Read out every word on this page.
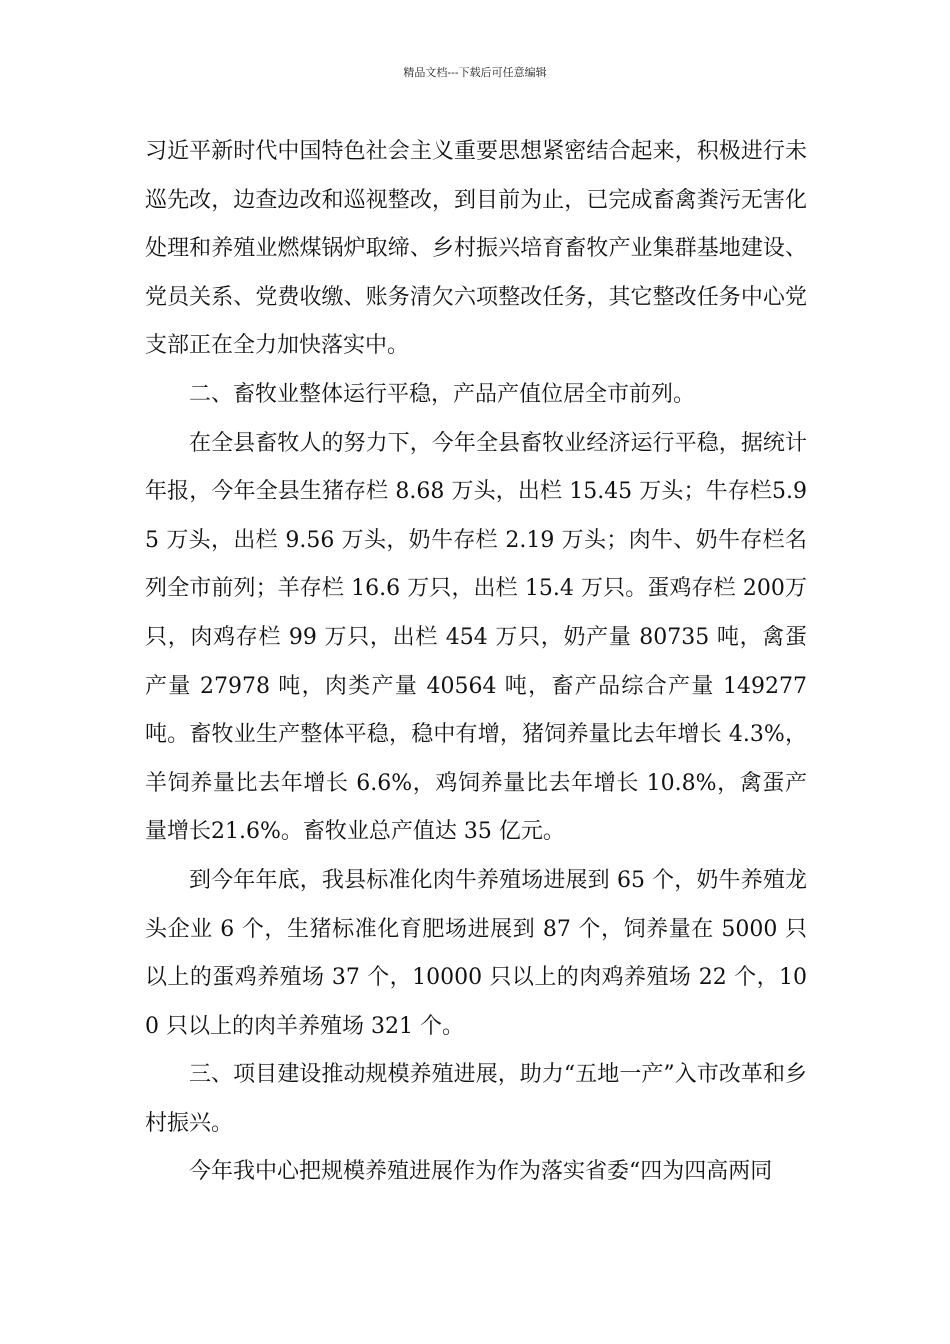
精品文档---下载后可任意编辑

习近平新时代中国特色社会主义重要思想紧密结合起来，积极进行未巡先改，边查边改和巡视整改，到目前为止，已完成畜禽粪污无害化处理和养殖业燃煤锅炉取缔、乡村振兴培育畜牧产业集群基地建设、党员关系、党费收缴、账务清欠六项整改任务，其它整改任务中心党支部正在全力加快落实中。

二、畜牧业整体运行平稳，产品产值位居全市前列。

在全县畜牧人的努力下，今年全县畜牧业经济运行平稳，据统计年报，今年全县生猪存栏 8.68 万头，出栏 15.45 万头；牛存栏5.95 万头，出栏 9.56 万头，奶牛存栏 2.19 万头；肉牛、奶牛存栏名列全市前列；羊存栏 16.6 万只，出栏 15.4 万只。蛋鸡存栏 200万只，肉鸡存栏 99 万只，出栏 454 万只，奶产量 80735 吨，禽蛋产量 27978 吨，肉类产量 40564 吨，畜产品综合产量 149277 吨。畜牧业生产整体平稳，稳中有增，猪饲养量比去年增长 4.3%，羊饲养量比去年增长 6.6%，鸡饲养量比去年增长 10.8%，禽蛋产量增长21.6%。畜牧业总产值达 35 亿元。

到今年年底，我县标准化肉牛养殖场进展到 65 个，奶牛养殖龙头企业 6 个，生猪标准化育肥场进展到 87 个，饲养量在 5000 只以上的蛋鸡养殖场 37 个，10000 只以上的肉鸡养殖场 22 个，100 只以上的肉羊养殖场 321 个。

三、项目建设推动规模养殖进展，助力“五地一产”入市改革和乡村振兴。

今年我中心把规模养殖进展作为作为落实省委“四为四高两同
